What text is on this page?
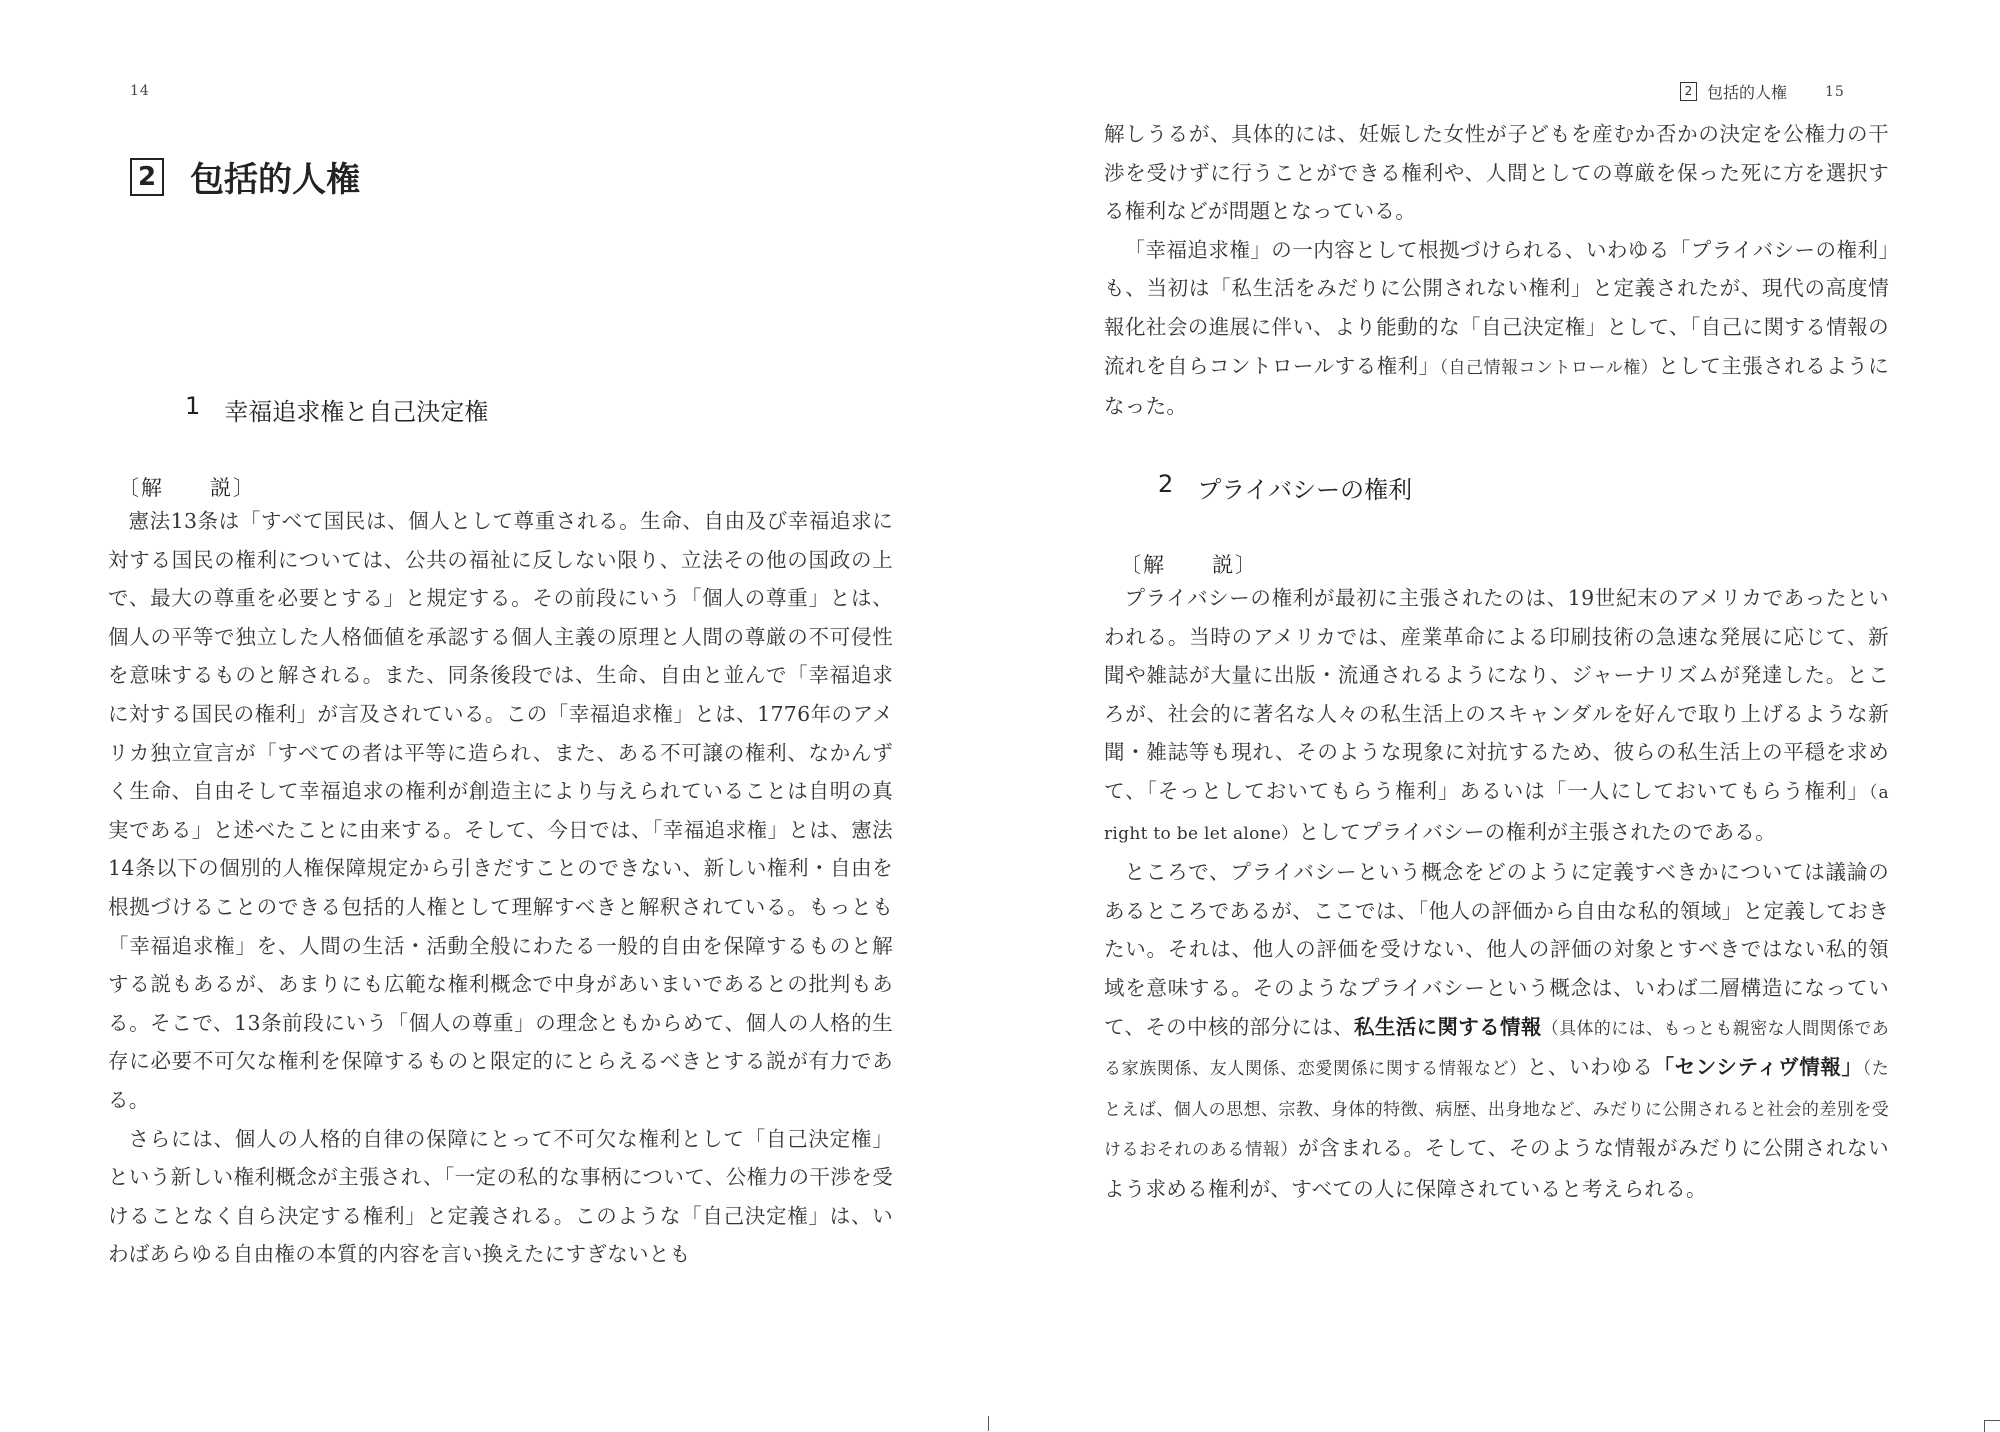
14
2 包括的人権
1 幸福追求権と自己決定権
〔解　　説〕

憲法13条は「すべて国民は、個人として尊重される。生命、自由及び幸福追求に対する国民の権利については、公共の福祉に反しない限り、立法その他の国政の上で、最大の尊重を必要とする」と規定する。その前段にいう「個人の尊重」とは、個人の平等で独立した人格価値を承認する個人主義の原理と人間の尊厳の不可侵性を意味するものと解される。また、同条後段では、生命、自由と並んで「幸福追求に対する国民の権利」が言及されている。この「幸福追求権」とは、1776年のアメリカ独立宣言が「すべての者は平等に造られ、また、ある不可譲の権利、なかんずく生命、自由そして幸福追求の権利が創造主により与えられていることは自明の真実である」と述べたことに由来する。そして、今日では、「幸福追求権」とは、憲法14条以下の個別的人権保障規定から引きだすことのできない、新しい権利・自由を根拠づけることのできる包括的人権として理解すべきと解釈されている。もっとも「幸福追求権」を、人間の生活・活動全般にわたる一般的自由を保障するものと解する説もあるが、あまりにも広範な権利概念で中身があいまいであるとの批判もある。そこで、13条前段にいう「個人の尊重」の理念ともからめて、個人の人格的生存に必要不可欠な権利を保障するものと限定的にとらえるべきとする説が有力である。

さらには、個人の人格的自律の保障にとって不可欠な権利として「自己決定権」という新しい権利概念が主張され、「一定の私的な事柄について、公権力の干渉を受けることなく自ら決定する権利」と定義される。このような「自己決定権」は、いわばあらゆる自由権の本質的内容を言い換えたにすぎないとも

2 包括的人権	15

解しうるが、具体的には、妊娠した女性が子どもを産むか否かの決定を公権力の干渉を受けずに行うことができる権利や、人間としての尊厳を保った死に方を選択する権利などが問題となっている。

「幸福追求権」の一内容として根拠づけられる、いわゆる「プライバシーの権利」も、当初は「私生活をみだりに公開されない権利」と定義されたが、現代の高度情報化社会の進展に伴い、より能動的な「自己決定権」として、「自己に関する情報の流れを自らコントロールする権利」（自己情報コントロール権）として主張されるようになった。

2 プライバシーの権利
〔解　　説〕

プライバシーの権利が最初に主張されたのは、19世紀末のアメリカであったといわれる。当時のアメリカでは、産業革命による印刷技術の急速な発展に応じて、新聞や雑誌が大量に出版・流通されるようになり、ジャーナリズムが発達した。ところが、社会的に著名な人々の私生活上のスキャンダルを好んで取り上げるような新聞・雑誌等も現れ、そのような現象に対抗するため、彼らの私生活上の平穏を求めて、「そっとしておいてもらう権利」あるいは「一人にしておいてもらう権利」（a right to be let alone）としてプライバシーの権利が主張されたのである。

ところで、プライバシーという概念をどのように定義すべきかについては議論のあるところであるが、ここでは、「他人の評価から自由な私的領域」と定義しておきたい。それは、他人の評価を受けない、他人の評価の対象とすべきではない私的領域を意味する。そのようなプライバシーという概念は、いわば二層構造になっていて、その中核的部分には、私生活に関する情報（具体的には、もっとも親密な人間関係である家族関係、友人関係、恋愛関係に関する情報など）と、いわゆる「センシティヴ情報」（たとえば、個人の思想、宗教、身体的特徴、病歴、出身地など、みだりに公開されると社会的差別を受けるおそれのある情報）が含まれる。そして、そのような情報がみだりに公開されないよう求める権利が、すべての人に保障されていると考えられる。
